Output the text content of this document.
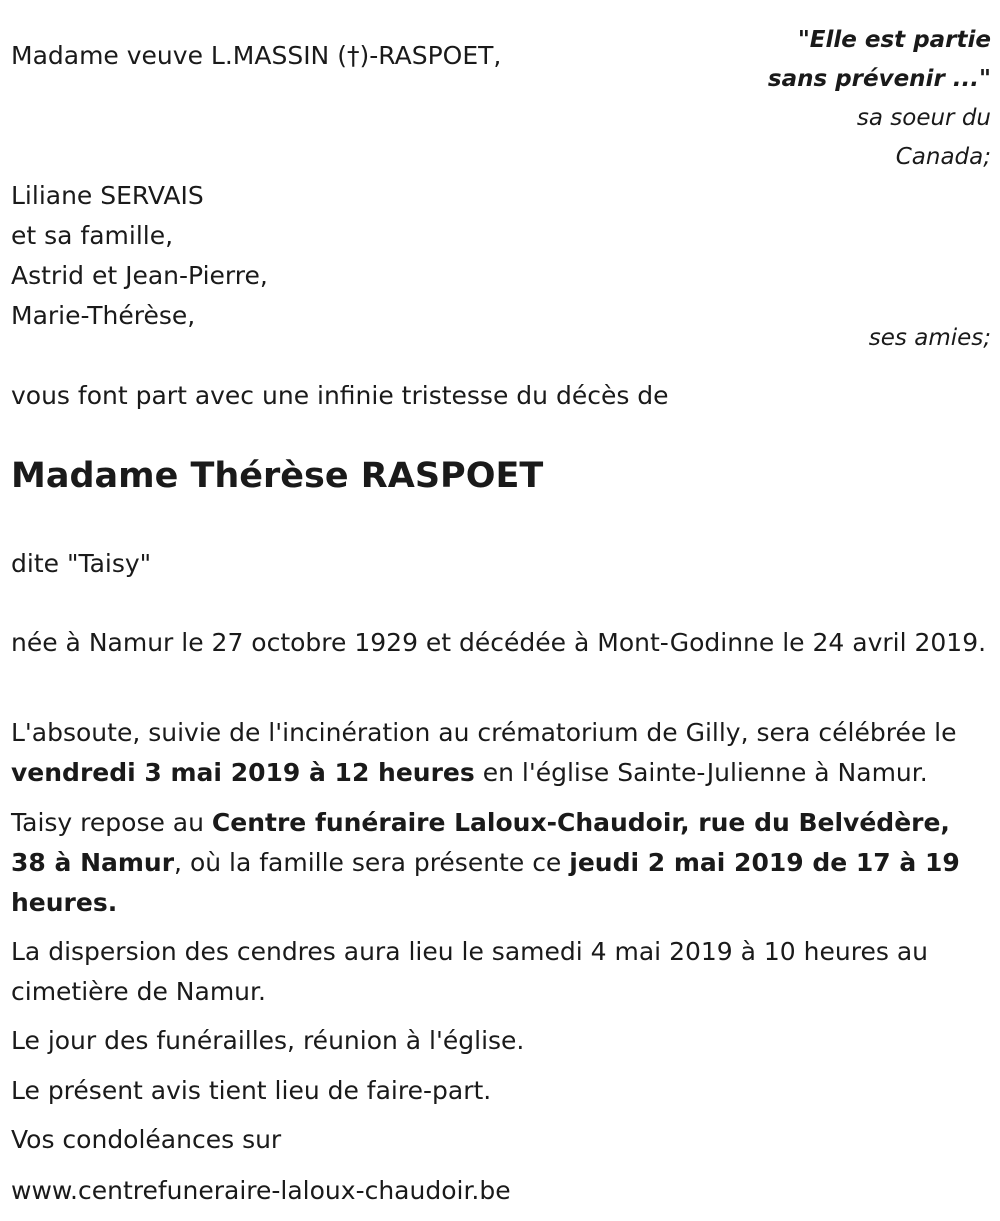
Madame veuve L.MASSIN (†)-RASPOET,
"Elle est partie
sans prévenir ..."
sa soeur du
Canada;
Liliane SERVAIS
et sa famille,
Astrid et Jean-Pierre,
Marie-Thérèse,
ses amies;
vous font part avec une infinie tristesse du décès de
Madame Thérèse RASPOET
dite "Taisy"

née à Namur le 27 octobre 1929 et décédée à Mont-Godinne le 24 avril 2019.

L'absoute, suivie de l'incinération au crématorium de Gilly, sera célébrée le vendredi 3 mai 2019 à 12 heures en l'église Sainte-Julienne à Namur.

Taisy repose au Centre funéraire Laloux-Chaudoir, rue du Belvédère, 38 à Namur, où la famille sera présente ce jeudi 2 mai 2019 de 17 à 19 heures.

La dispersion des cendres aura lieu le samedi 4 mai 2019 à 10 heures au cimetière de Namur.

Le jour des funérailles, réunion à l'église.
Le présent avis tient lieu de faire-part.
Vos condoléances sur
www.centrefuneraire-laloux-chaudoir.be
